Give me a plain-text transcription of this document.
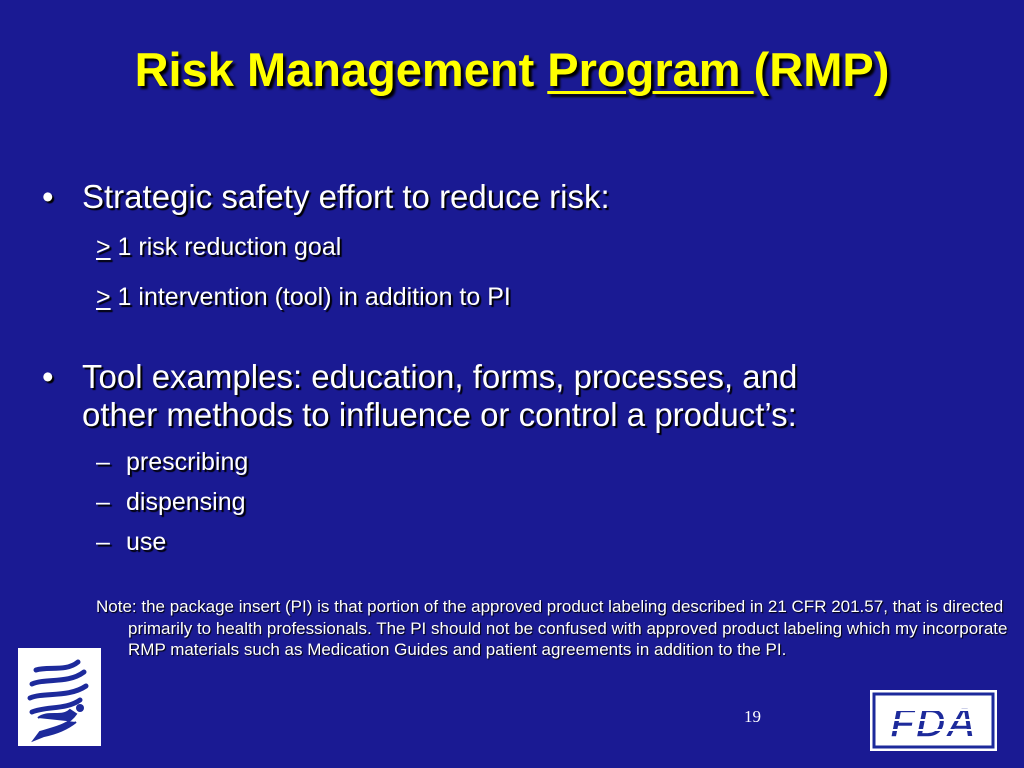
Risk Management Program (RMP)
• Strategic safety effort to reduce risk:
≥ 1 risk reduction goal
≥ 1 intervention (tool) in addition to PI
• Tool examples: education, forms, processes, and
other methods to influence or control a product’s:
– prescribing
– dispensing
– use
Note: the package insert (PI) is that portion of the approved product labeling described in 21 CFR 201.57, that is directed primarily to health professionals. The PI should not be confused with approved product labeling which my incorporate RMP materials such as Medication Guides and patient agreements in addition to the PI.
19	FDA
